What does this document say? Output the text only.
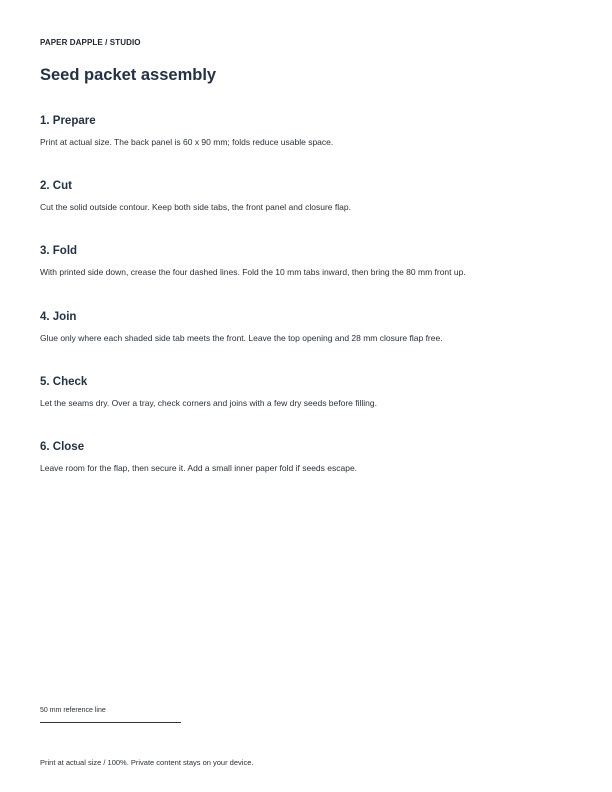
PAPER DAPPLE / STUDIO
Seed packet assembly
1. Prepare

Print at actual size. The back panel is 60 x 90 mm; folds reduce usable space.

2. Cut

Cut the solid outside contour. Keep both side tabs, the front panel and closure flap.

3. Fold

With printed side down, crease the four dashed lines. Fold the 10 mm tabs inward, then bring the 80 mm front up.

4. Join

Glue only where each shaded side tab meets the front. Leave the top opening and 28 mm closure flap free.

5. Check

Let the seams dry. Over a tray, check corners and joins with a few dry seeds before filling.

6. Close

Leave room for the flap, then secure it. Add a small inner paper fold if seeds escape.

50 mm reference line
Print at actual size / 100%. Private content stays on your device.
